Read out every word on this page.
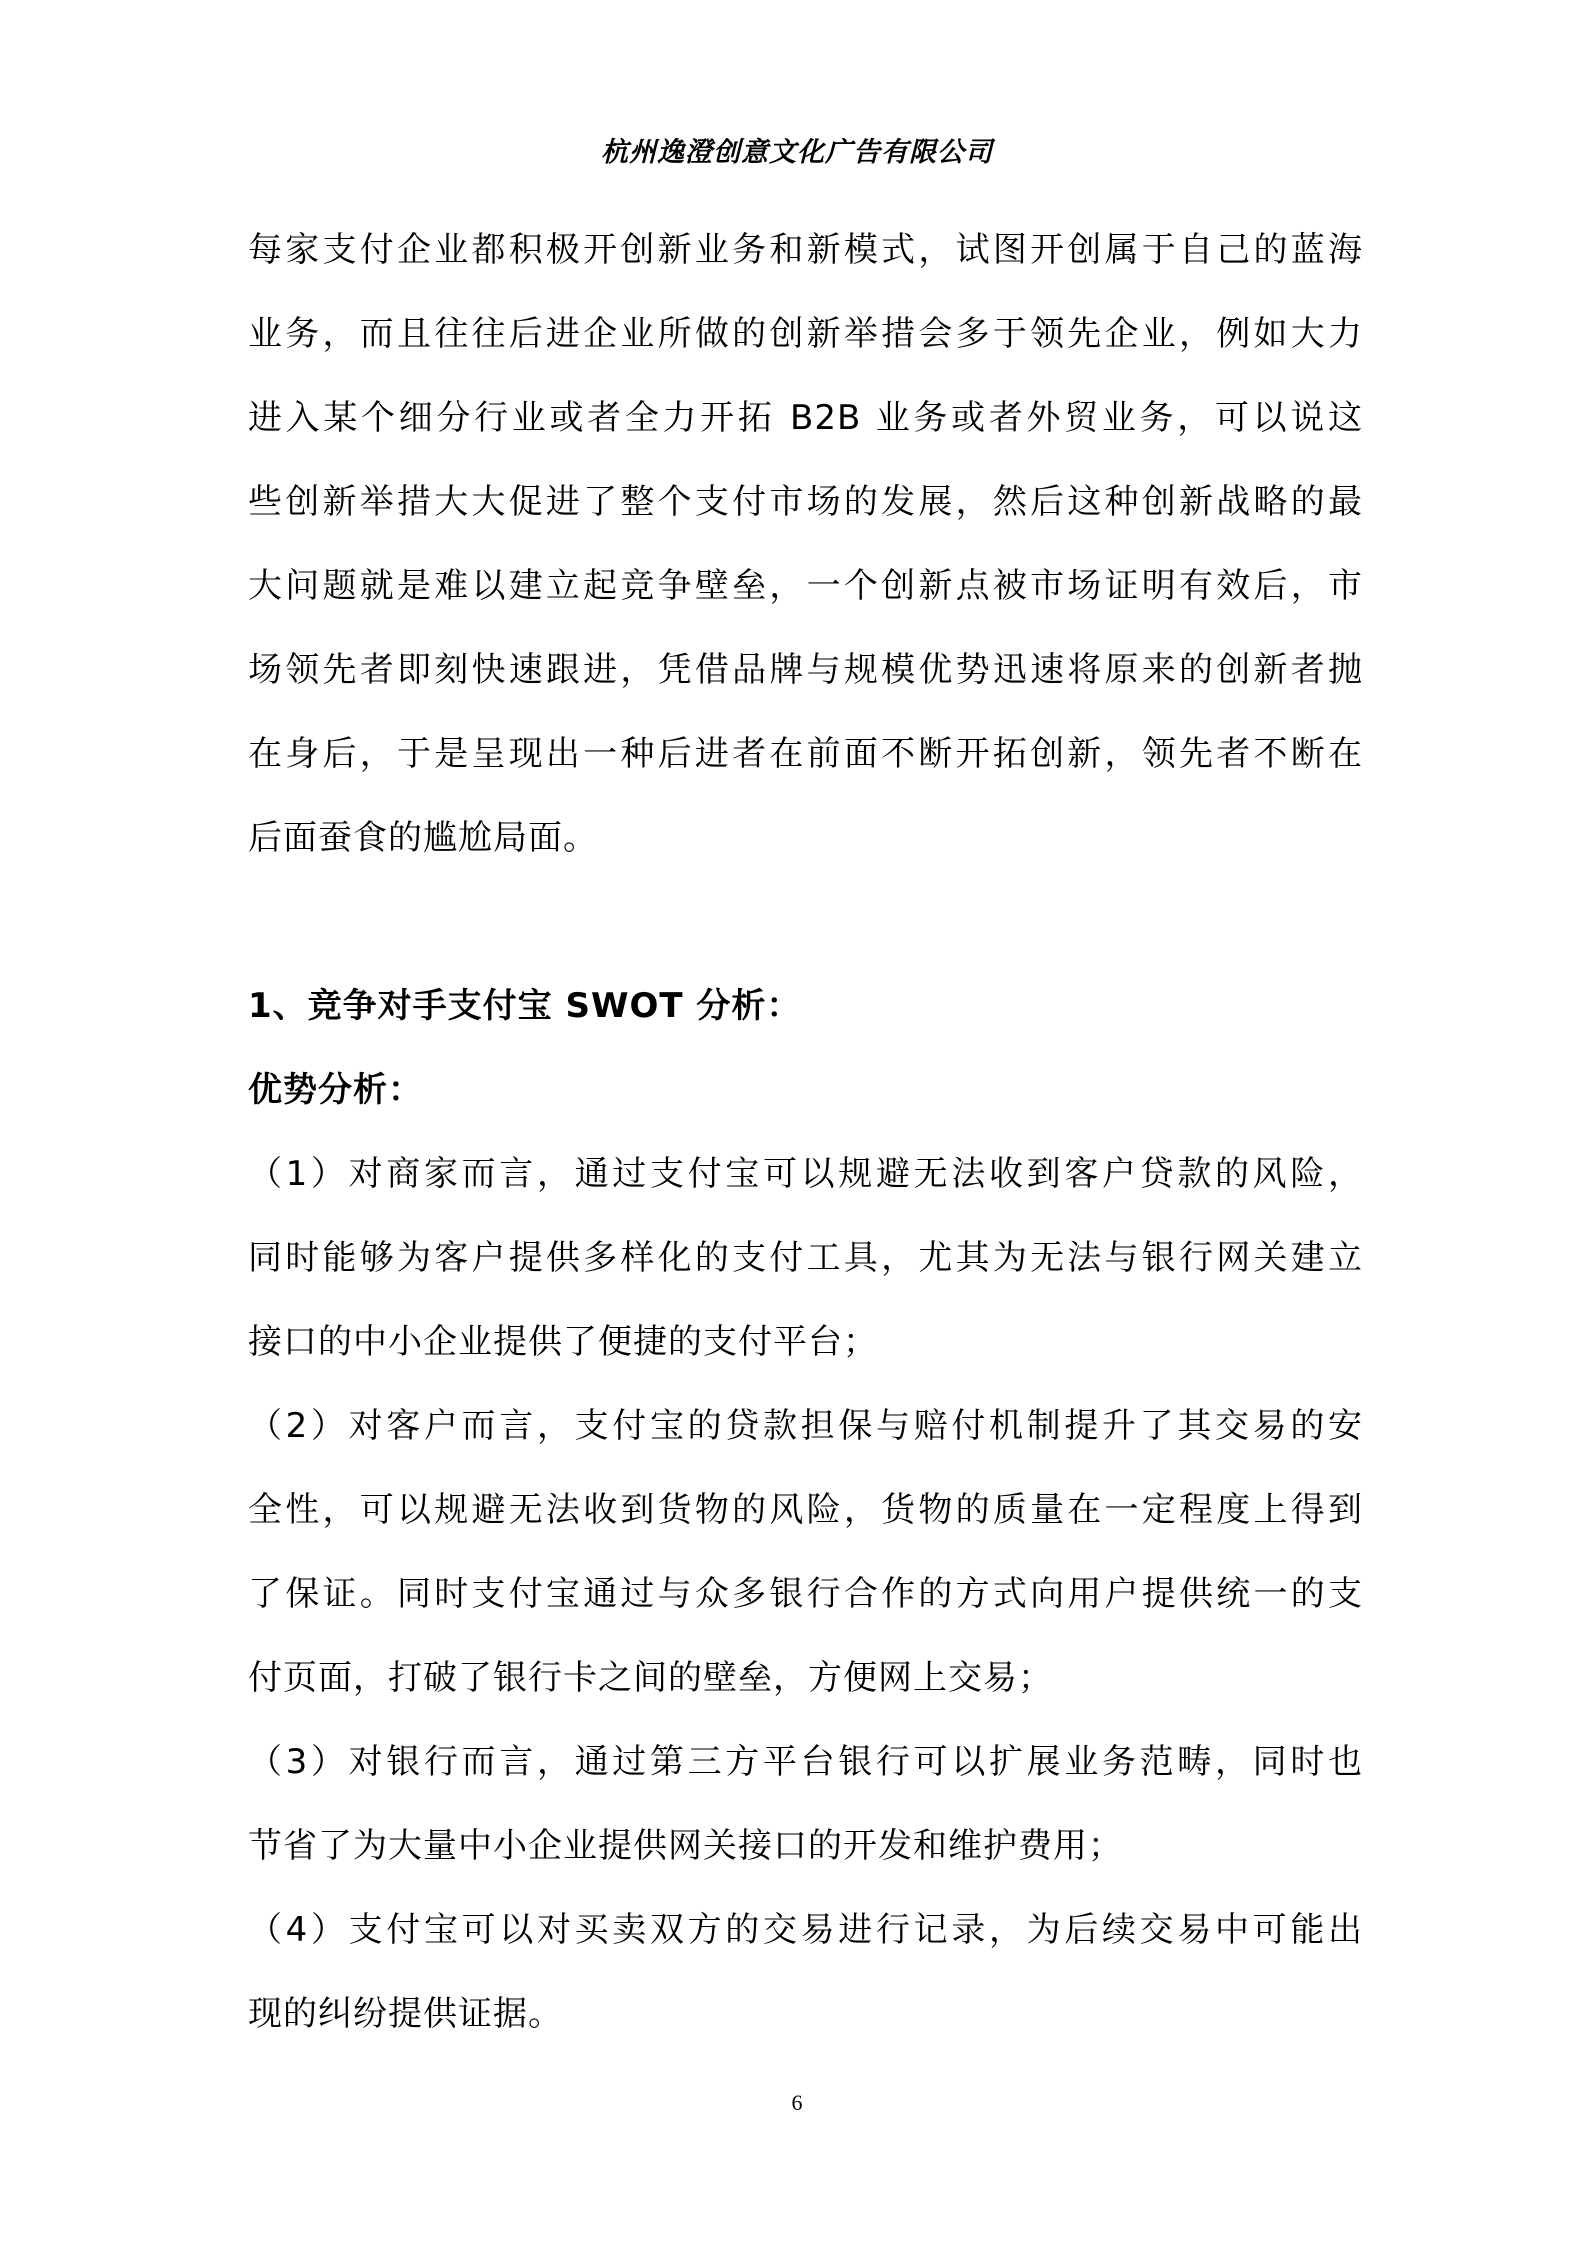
杭州逸澄创意文化广告有限公司
每家支付企业都积极开创新业务和新模式，试图开创属于自己的蓝海
业务，而且往往后进企业所做的创新举措会多于领先企业，例如大力
进入某个细分行业或者全力开拓 B2B 业务或者外贸业务，可以说这
些创新举措大大促进了整个支付市场的发展，然后这种创新战略的最
大问题就是难以建立起竞争壁垒，一个创新点被市场证明有效后，市
场领先者即刻快速跟进，凭借品牌与规模优势迅速将原来的创新者抛
在身后，于是呈现出一种后进者在前面不断开拓创新，领先者不断在
后面蚕食的尴尬局面。
1、竞争对手支付宝 SWOT 分析：
优势分析：
（1）对商家而言，通过支付宝可以规避无法收到客户贷款的风险，
同时能够为客户提供多样化的支付工具，尤其为无法与银行网关建立
接口的中小企业提供了便捷的支付平台；
（2）对客户而言，支付宝的贷款担保与赔付机制提升了其交易的安
全性，可以规避无法收到货物的风险，货物的质量在一定程度上得到
了保证。同时支付宝通过与众多银行合作的方式向用户提供统一的支
付页面，打破了银行卡之间的壁垒，方便网上交易；
（3）对银行而言，通过第三方平台银行可以扩展业务范畴，同时也
节省了为大量中小企业提供网关接口的开发和维护费用；
（4）支付宝可以对买卖双方的交易进行记录，为后续交易中可能出
现的纠纷提供证据。
6
